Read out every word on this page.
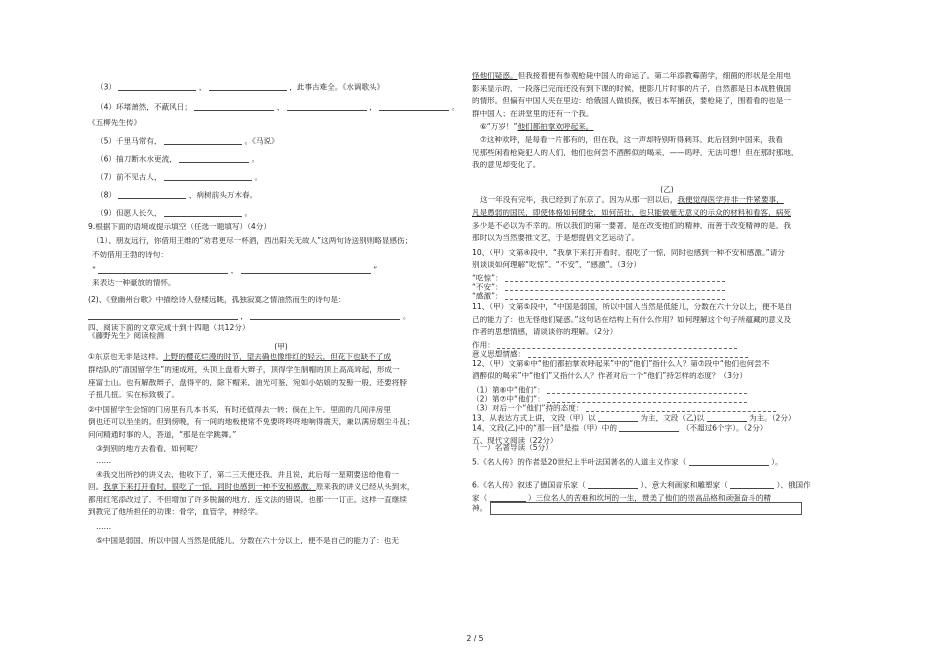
（3）	，	，此事古难全。《水调歌头》
（4）环堵萧然，不蔽风日；	，	，	。
《五柳先生传》
（5）千里马常有，	。《马说》
（6）抽刀断水水更流，	。
（7）前不见古人，	。
（8）	，病树前头万木春。
（9）但愿人长久，	。
9.根据下面的语境或提示填空（任选一题填写）（4分）
（1）、朋友远行，你借用王维的“劝君更尽一杯酒，西出阳关无故人”这两句诗送别则略显感伤；
不妨借用王勃的诗句：
“	，	”
来表达一种豪放的情怀。
(2)、《登幽州台歌》中描绘诗人登楼远眺，孤独寂寞之情油然而生的诗句是：
，	。
四、阅读下面的文章完成十到十四题（共12分）
《藤野先生》阅读检测
(甲)
①东京也无非是这样。上野的樱花烂漫的时节，望去确也像绯红的轻云，但花下也缺不了成
群结队的“清国留学生”的速成班，头顶上盘着大辫子，顶得学生制帽的顶上高高耸起，形成一
座富士山。也有解散辫子，盘得平的，除下帽来，油光可鉴，宛如小姑娘的发髻一般，还要将脖
子扭几扭。实在标致极了。
②中国留学生会馆的门房里有几本书买，有时还值得去一转；倘在上午，里面的几间洋房里
倒也还可以坐坐的。但到傍晚，有一间的地板便常不免要咚咚咚地响得震天，兼以满房烟尘斗乱；
问问精通时事的人，答道，“那是在学跳舞。”
③到别的地方去看看，如何呢？
……
④我交出所抄的讲义去，他收下了，第二三天便还我，并且说，此后每一星期要送给他看一
回。我拿下来打开看时，很吃了一惊，同时也感到一种不安和感激。原来我的讲义已经从头到末，
都用红笔添改过了，不但增加了许多脱漏的地方，连文法的错误，也都一一订正。这样一直继续
到教完了他所担任的功课：骨学，血管学，神经学。
……
⑤中国是弱国，所以中国人当然是低能儿，分数在六十分以上，便不是自己的能力了：也无
怪他们疑惑。但我接着便有参观枪毙中国人的命运了。第二年添教霉菌学，细菌的形状是全用电
影来显示的，一段落已完而还没有到下课的时候，便影几片时事的片子，自然都是日本战胜俄国
的情形。但偏有中国人夹在里边：给俄国人做侦探，被日本军捕获，要枪毙了，围着看的也是一
群中国人；在讲堂里的还有一个我。
⑥“万岁！”他们都拍掌欢呼起来。
⑦这种欢呼，是每看一片都有的，但在我，这一声却特别听得刺耳。此后回到中国来，我看
见那些闲看枪毙犯人的人们，他们也何尝不酒醉似的喝采，——呜呼，无法可想！但在那时那地，
我的意见却变化了。
(乙)
这一年没有完毕，我已经到了东京了。因为从那一回以后，我便觉得医学并非一件紧要事，
凡是愚弱的国民，即使体格如何健全，如何茁壮，也只能做毫无意义的示众的材料和看客，病死
多少是不必以为不幸的。所以我们的第一要著，是在改变他们的精神，而善于改变精神的是，我
那时以为当然要推文艺，于是想提倡文艺运动了。
10、（甲）文第④段中，“我拿下来打开看时，很吃了一惊，同时也感到一种不安和感激。”请分
别谈谈如何理解“吃惊”、“不安”、“感激”。（3分）
“吃惊”：
“不安”：
“感激”：
11、（甲）文第⑤段中，“中国是弱国，所以中国人当然是低能儿，分数在六十分以上，便不是自
己的能力了：也无怪他们疑惑。”这句话在结构上有什么作用？如何理解这个句子所蕴藏的意义及
作者的思想情感，请谈谈你的理解。（2分）
作用：
意义思想情感：
12、（甲）文第⑥中“他们都拍掌欢呼起来”中的“他们”指什么人？第⑦段中“他们也何尝不
酒醉似的喝采”中“他们”又指什么人？作者对后一个“他们”持怎样的态度？（3分）
（1）第⑥中“他们”：
（2）第⑦中“他们”：
（3）对后一个“他们”持的态度：
13、从表达方式上讲，文段（甲）以	为主，文段（乙)以	为主。（2分）
14、文段(乙)中的“那一回”是指（甲）中的	（不超过6个字）。（2分）
五、现代文阅读（22分）
（一）名著导读（5分）
5.《名人传》的作者是20世纪上半叶法国著名的人道主义作家（	）。
6.《名人传》叙述了德国音乐家（	）、意大利画家和雕塑家（	）、俄国作
家（	）三位名人的苦难和坎坷的一生，赞美了他们的崇高品格和顽强奋斗的精
神。
2 / 5
